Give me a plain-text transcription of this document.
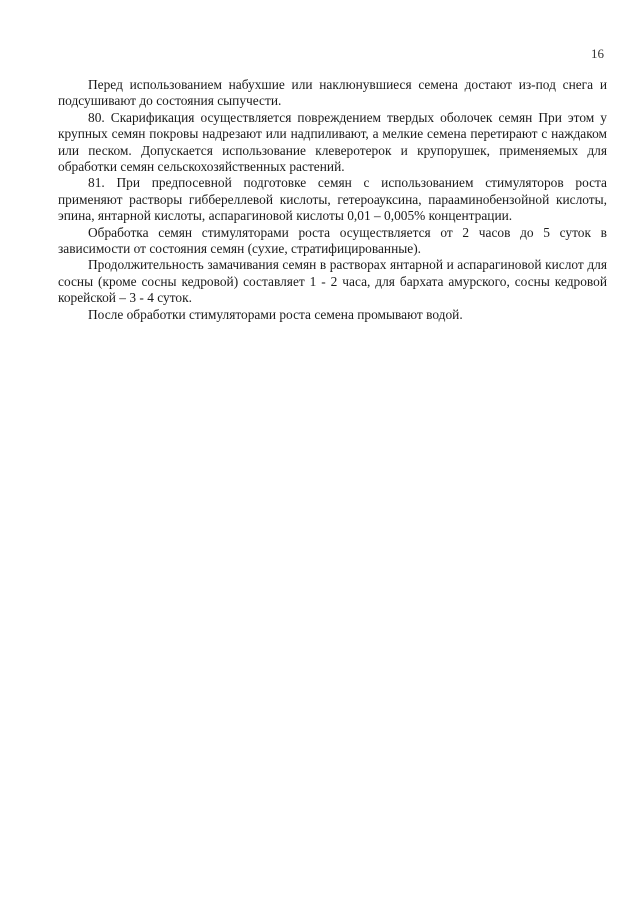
16

Перед использованием набухшие или наклюнувшиеся семена достают из-под снега и подсушивают до состояния сыпучести.

80. Скарификация осуществляется повреждением твердых оболочек семян При этом у крупных семян покровы надрезают или надпиливают, а мелкие семена перетирают с наждаком или песком. Допускается использование клеверотерок и крупорушек, применяемых для обработки семян сельскохозяйственных растений.

81. При предпосевной подготовке семян с использованием стимуляторов роста применяют растворы гиббереллевой кислоты, гетероауксина, парааминобензойной кислоты, эпина, янтарной кислоты, аспарагиновой кислоты 0,01 – 0,005% концентрации.

Обработка семян стимуляторами роста осуществляется от 2 часов до 5 суток в зависимости от состояния семян (сухие, стратифицированные).

Продолжительность замачивания семян в растворах янтарной и аспарагиновой кислот для сосны (кроме сосны кедровой) составляет 1 - 2 часа, для бархата амурского, сосны кедровой корейской – 3 - 4 суток.

После обработки стимуляторами роста семена промывают водой.
